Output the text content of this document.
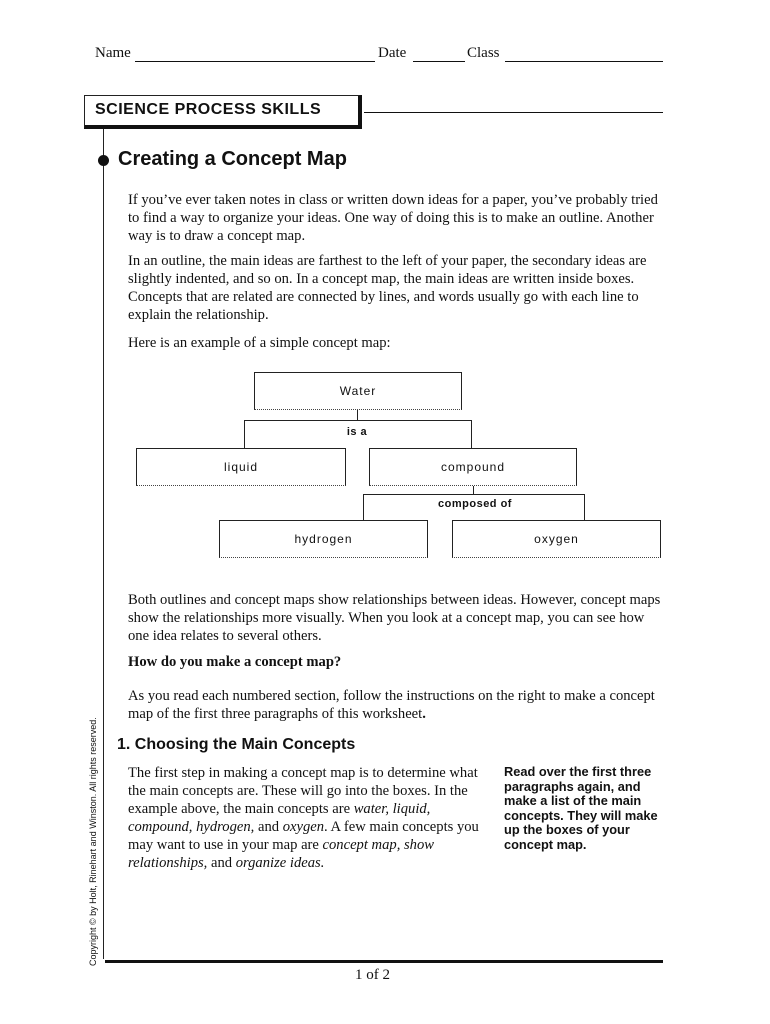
Name	Date	Class
SCIENCE PROCESS SKILLS
Creating a Concept Map

If you’ve ever taken notes in class or written down ideas for a paper, you’ve probably tried to find a way to organize your ideas. One way of doing this is to make an outline. Another way is to draw a concept map.

In an outline, the main ideas are farthest to the left of your paper, the secondary ideas are slightly indented, and so on. In a concept map, the main ideas are written inside boxes. Concepts that are related are connected by lines, and words usually go with each line to explain the relationship.

Here is an example of a simple concept map:

Water
is a
liquid	compound
composed of
hydrogen	oxygen

Both outlines and concept maps show relationships between ideas. However, concept maps show the relationships more visually. When you look at a concept map, you can see how one idea relates to several others.

How do you make a concept map?

As you read each numbered section, follow the instructions on the right to make a concept map of the first three paragraphs of this worksheet.

1. Choosing the Main Concepts

The first step in making a concept map is to determine what the main concepts are. These will go into the boxes. In the example above, the main concepts are water, liquid, compound, hydrogen, and oxygen. A few main concepts you may want to use in your map are concept map, show relationships, and organize ideas.

Read over the first three paragraphs again, and make a list of the main concepts. They will make up the boxes of your concept map.
Copyright © by Holt, Rinehart and Winston. All rights reserved.
1 of 2
